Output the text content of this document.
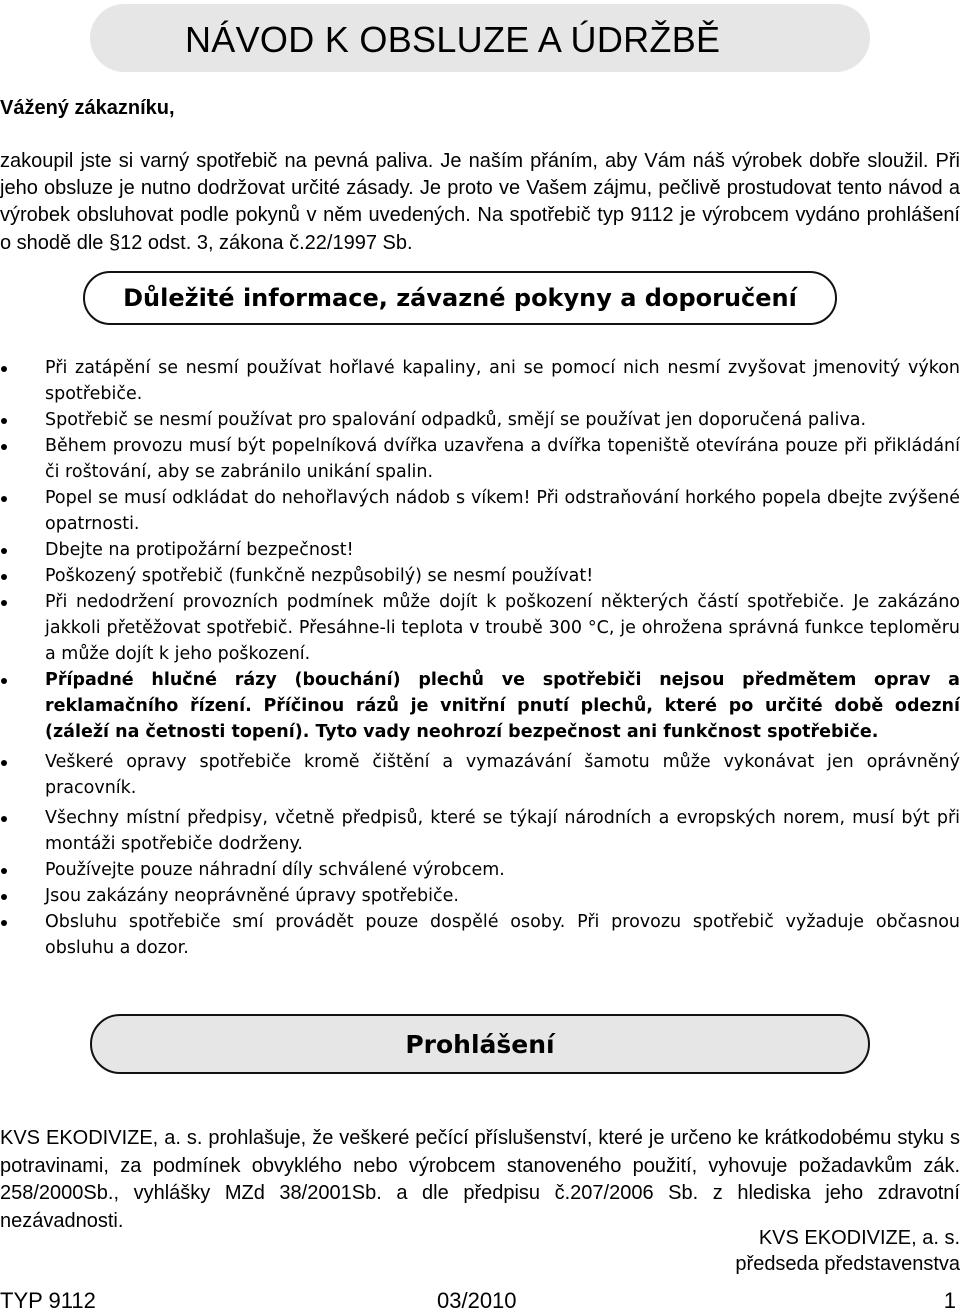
NÁVOD K OBSLUZE A ÚDRŽBĚ
Vážený zákazníku,

zakoupil jste si varný spotřebič na pevná paliva. Je naším přáním, aby Vám náš výrobek dobře sloužil. Při jeho obsluze je nutno dodržovat určité zásady. Je proto ve Vašem zájmu, pečlivě prostudovat tento návod a výrobek obsluhovat podle pokynů v něm uvedených. Na spotřebič typ 9112 je výrobcem vydáno prohlášení o shodě dle §12 odst. 3, zákona č.22/1997 Sb.

Důležité informace, závazné pokyny a doporučení
Při zatápění se nesmí používat hořlavé kapaliny, ani se pomocí nich nesmí zvyšovat jmenovitý výkon spotřebiče.
Spotřebič se nesmí používat pro spalování odpadků, smějí se používat jen doporučená paliva.
Během provozu musí být popelníková dvířka uzavřena a dvířka topeniště otevírána pouze při přikládání či roštování, aby se zabránilo unikání spalin.
Popel se musí odkládat do nehořlavých nádob s víkem! Při odstraňování horkého popela dbejte zvýšené opatrnosti.
Dbejte na protipožární bezpečnost!
Poškozený spotřebič (funkčně nezpůsobilý) se nesmí používat!
Při nedodržení provozních podmínek může dojít k poškození některých částí spotřebiče. Je zakázáno jakkoli přetěžovat spotřebič. Přesáhne-li teplota v troubě 300 °C, je ohrožena správná funkce teploměru a může dojít k jeho poškození.
Případné hlučné rázy (bouchání) plechů ve spotřebiči nejsou předmětem oprav a reklamačního řízení. Příčinou rázů je vnitřní pnutí plechů, které po určité době odezní (záleží na četnosti topení). Tyto vady neohrozí bezpečnost ani funkčnost spotřebiče.
Veškeré opravy spotřebiče kromě čištění a vymazávání šamotu může vykonávat jen oprávněný pracovník.
Všechny místní předpisy, včetně předpisů, které se týkají národních a evropských norem, musí být při montáži spotřebiče dodrženy.
Používejte pouze náhradní díly schválené výrobcem.
Jsou zakázány neoprávněné úpravy spotřebiče.
Obsluhu spotřebiče smí provádět pouze dospělé osoby. Při provozu spotřebič vyžaduje občasnou obsluhu a dozor.
Prohlášení

KVS EKODIVIZE, a. s. prohlašuje, že veškeré pečící příslušenství, které je určeno ke krátkodobému styku s potravinami, za podmínek obvyklého nebo výrobcem stanoveného použití, vyhovuje požadavkům zák. 258/2000Sb., vyhlášky MZd 38/2001Sb. a dle předpisu č.207/2006 Sb. z hlediska jeho zdravotní nezávadnosti.

KVS EKODIVIZE, a. s.
předseda představenstva
TYP 9112	03/2010	1
